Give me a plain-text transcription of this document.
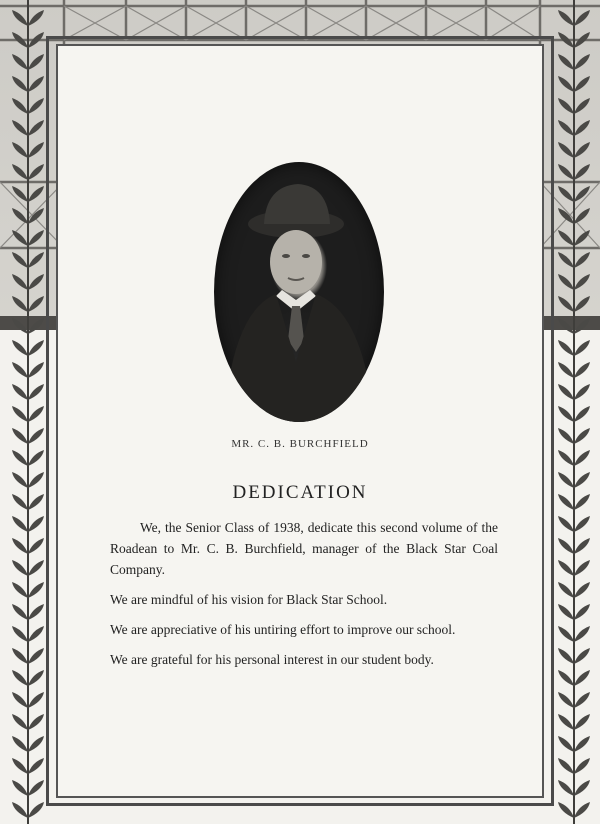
MR. C. B. BURCHFIELD
DEDICATION

We, the Senior Class of 1938, dedicate this second volume of the Roadean to Mr. C. B. Burchfield, manager of the Black Star Coal Company.

We are mindful of his vision for Black Star School.

We are appreciative of his untiring effort to improve our school.

We are grateful for his personal interest in our student body.
